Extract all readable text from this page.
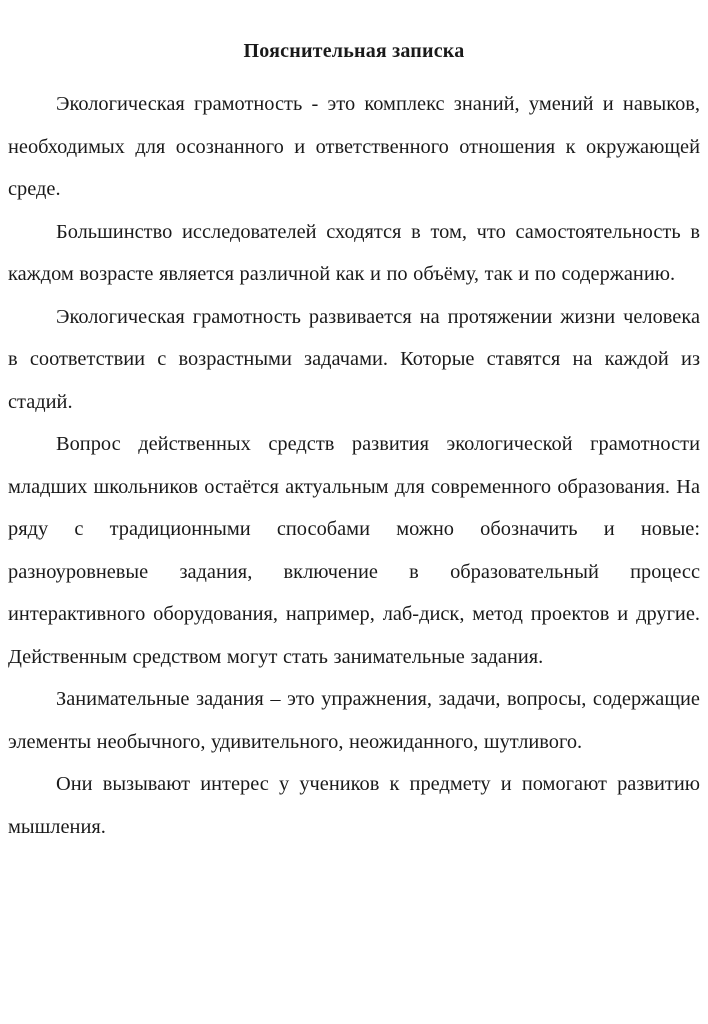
Пояснительная записка

Экологическая грамотность - это комплекс знаний, умений и навыков, необходимых для осознанного и ответственного отношения к окружающей среде.

Большинство исследователей сходятся в том, что самостоятельность в каждом возрасте является различной как и по объёму, так и по содержанию.

Экологическая грамотность развивается на протяжении жизни человека в соответствии с возрастными задачами. Которые ставятся на каждой из стадий.

Вопрос действенных средств развития экологической грамотности младших школьников остаётся актуальным для современного образования. На ряду с традиционными способами можно обозначить и новые: разноуровневые задания, включение в образовательный процесс интерактивного оборудования, например, лаб-диск, метод проектов и другие. Действенным средством могут стать занимательные задания.

Занимательные задания – это упражнения, задачи, вопросы, содержащие элементы необычного, удивительного, неожиданного, шутливого.

Они вызывают интерес у учеников к предмету и помогают развитию мышления.
